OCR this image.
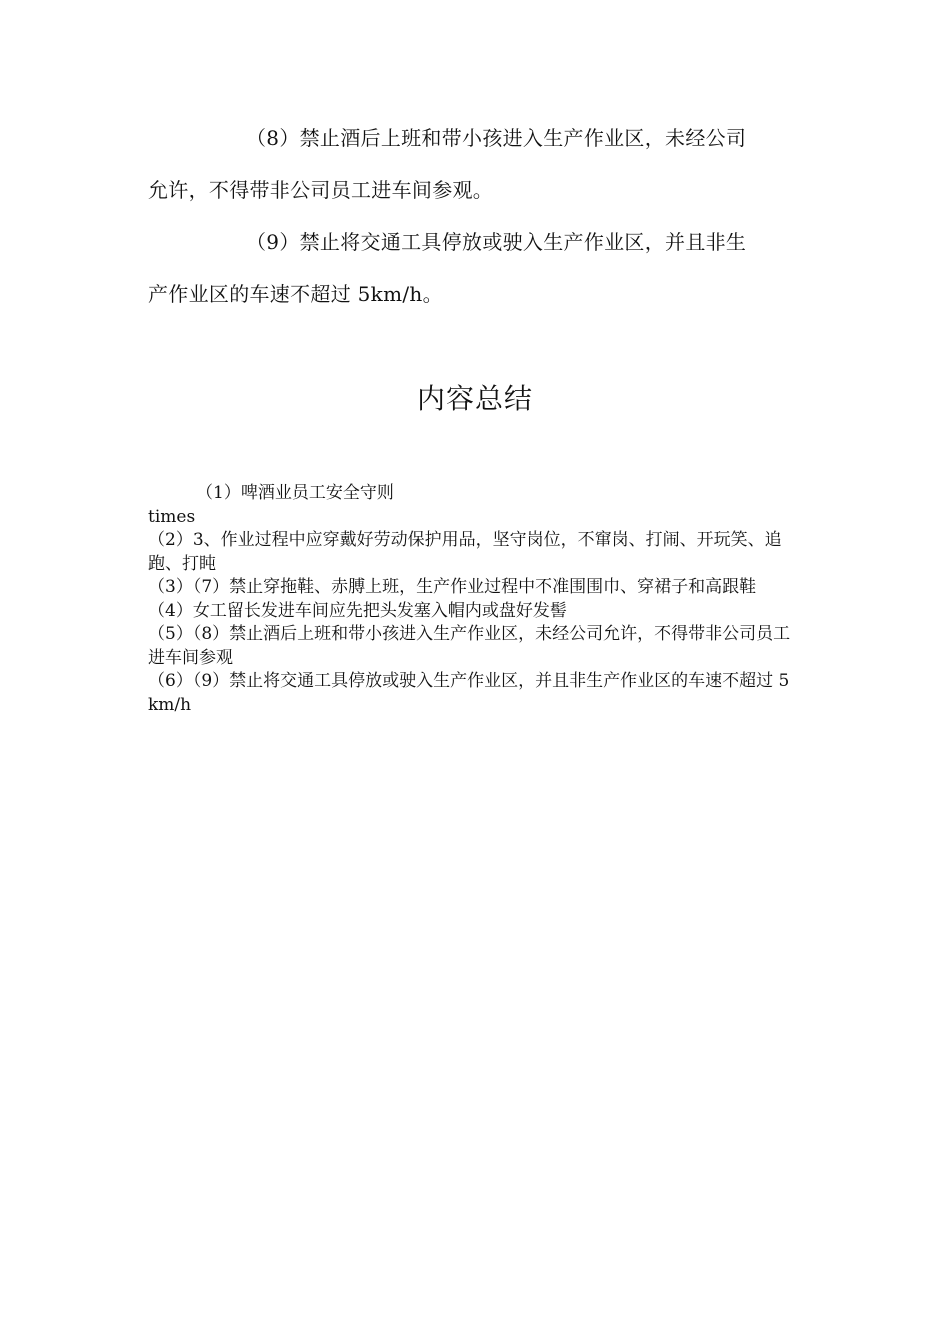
（8）禁止酒后上班和带小孩进入生产作业区，未经公司
允许，不得带非公司员工进车间参观。
（9）禁止将交通工具停放或驶入生产作业区，并且非生
产作业区的车速不超过 5km/h。
内容总结
（1）啤酒业员工安全守则
times
（2）3、作业过程中应穿戴好劳动保护用品，坚守岗位，不窜岗、打闹、开玩笑、追跑、打盹
（3）（7）禁止穿拖鞋、赤膊上班，生产作业过程中不准围围巾、穿裙子和高跟鞋
（4）女工留长发进车间应先把头发塞入帽内或盘好发髻
（5）（8）禁止酒后上班和带小孩进入生产作业区，未经公司允许，不得带非公司员工进车间参观
（6）（9）禁止将交通工具停放或驶入生产作业区，并且非生产作业区的车速不超过 5km/h
